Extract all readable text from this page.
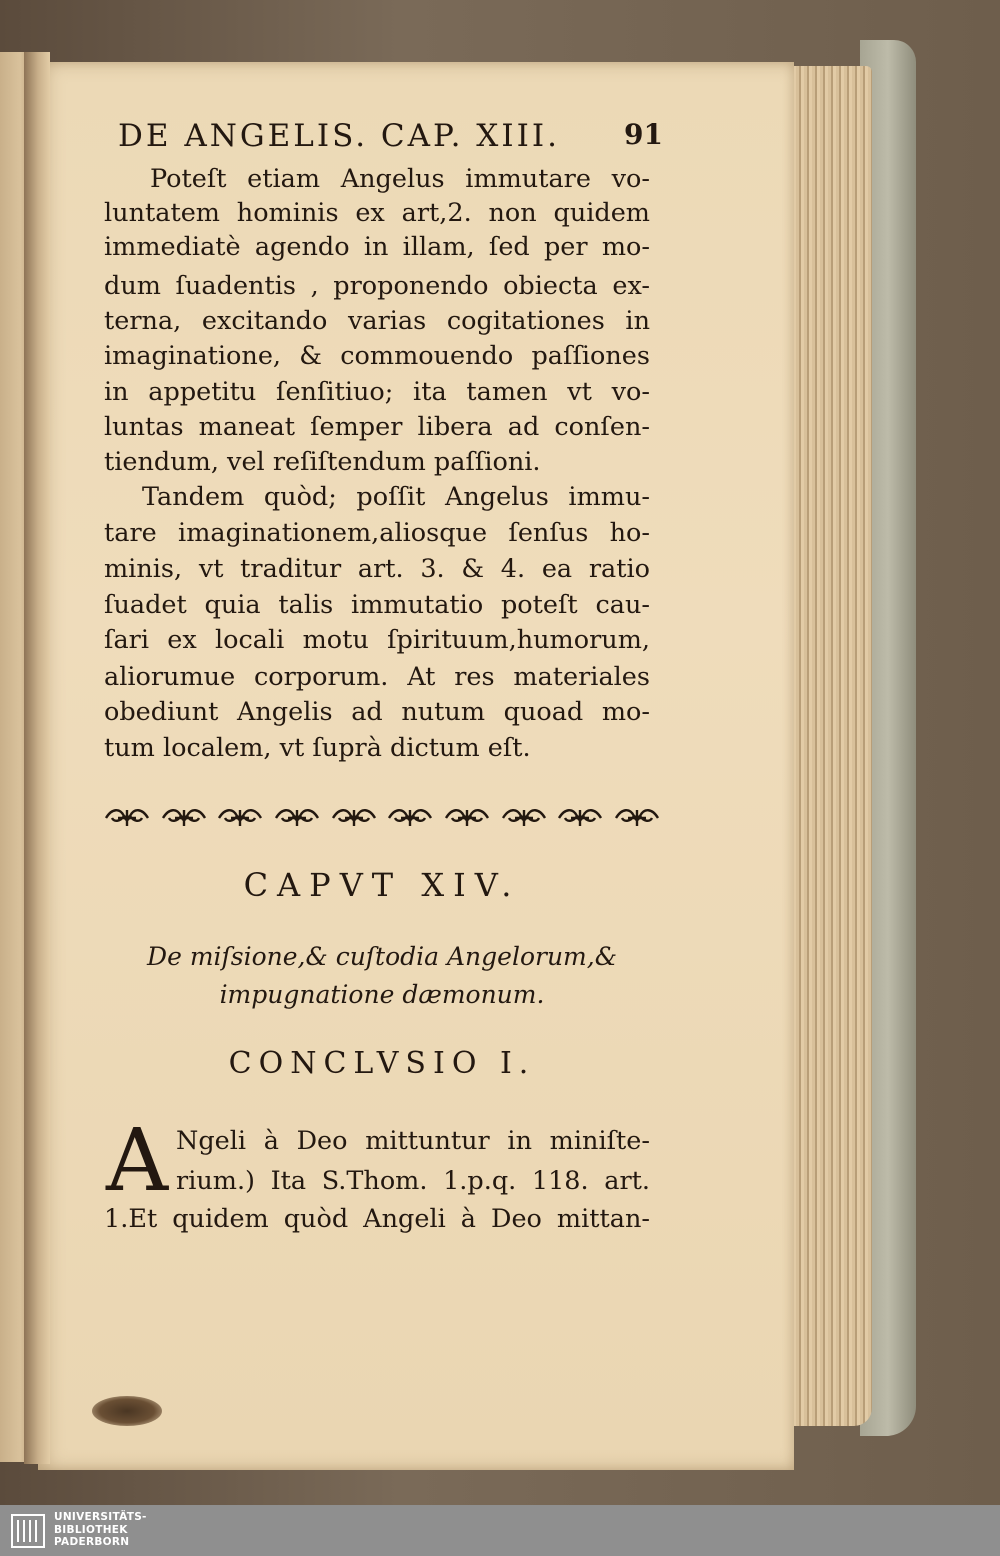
DE ANGELIS. CAP. XIII. 91
Poteſt etiam Angelus immutare vo-
luntatem hominis ex art,2. non quidem
immediatè agendo in illam, ſed per mo-
dum ſuadentis , proponendo obiecta ex-
terna, excitando varias cogitationes in
imaginatione, & commouendo paſſiones
in appetitu ſenſitiuo; ita tamen vt vo-
luntas maneat ſemper libera ad conſen-
tiendum, vel reſiſtendum paſſioni.
Tandem quòd; poſſit Angelus immu-
tare imaginationem,aliosque ſenſus ho-
minis, vt traditur art. 3. & 4. ea ratio
ſuadet quia talis immutatio poteſt cau-
ſari ex locali motu ſpirituum,humorum,
aliorumue corporum. At res materiales
obediunt Angelis ad nutum quoad mo-
tum localem, vt ſuprà dictum eſt.
CAPVT XIV.
De miſsione,& cuſtodia Angelorum,&
impugnatione dæmonum.
CONCLVSIO I.
A Ngeli à Deo mittuntur in miniſte-
rium.) Ita S.Thom. 1.p.q. 118. art.
1.Et quidem quòd Angeli à Deo mittan-
UNIVERSITÄTS-
BIBLIOTHEK
PADERBORN
